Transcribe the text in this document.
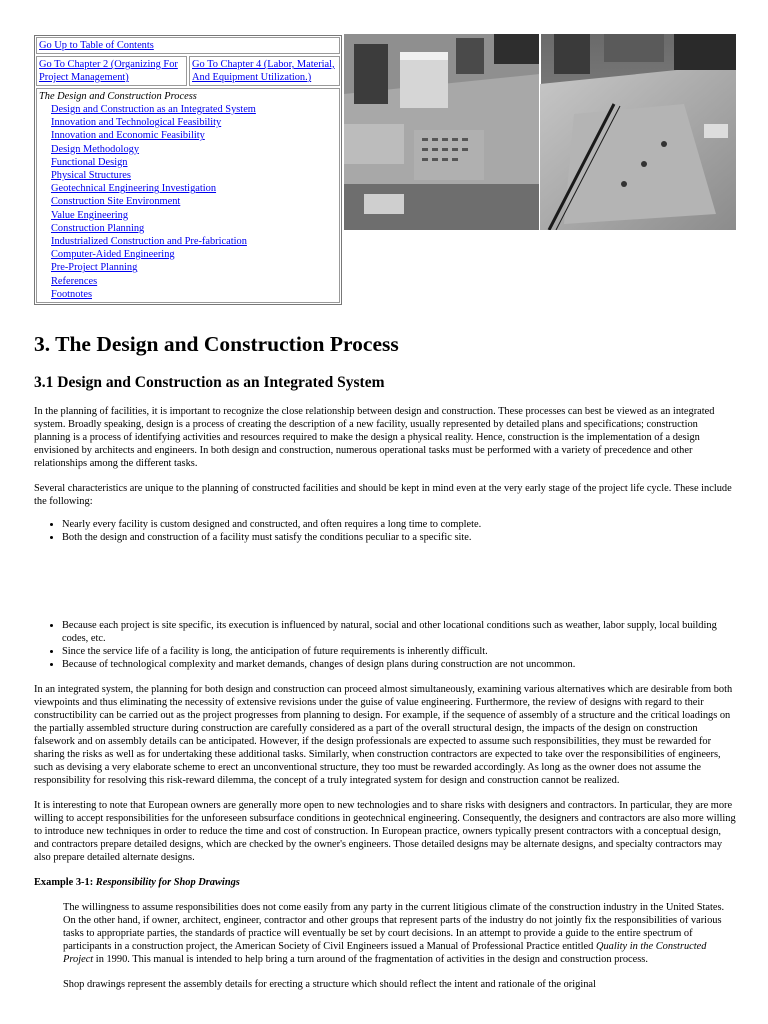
Go Up to Table of Contents
Go To Chapter 2 (Organizing For Project Management)
Go To Chapter 4 (Labor, Material, And Equipment Utilization.)
The Design and Construction Process
Design and Construction as an Integrated System
Innovation and Technological Feasibility
Innovation and Economic Feasibility
Design Methodology
Functional Design
Physical Structures
Geotechnical Engineering Investigation
Construction Site Environment
Value Engineering
Construction Planning
Industrialized Construction and Pre-fabrication
Computer-Aided Engineering
Pre-Project Planning
References
Footnotes
3. The Design and Construction Process
3.1 Design and Construction as an Integrated System

In the planning of facilities, it is important to recognize the close relationship between design and construction. These processes can best be viewed as an integrated system. Broadly speaking, design is a process of creating the description of a new facility, usually represented by detailed plans and specifications; construction planning is a process of identifying activities and resources required to make the design a physical reality. Hence, construction is the implementation of a design envisioned by architects and engineers. In both design and construction, numerous operational tasks must be performed with a variety of precedence and other relationships among the different tasks.

Several characteristics are unique to the planning of constructed facilities and should be kept in mind even at the very early stage of the project life cycle. These include the following:

• Nearly every facility is custom designed and constructed, and often requires a long time to complete.
• Both the design and construction of a facility must satisfy the conditions peculiar to a specific site.
• Because each project is site specific, its execution is influenced by natural, social and other locational conditions such as weather, labor supply, local building codes, etc.
• Since the service life of a facility is long, the anticipation of future requirements is inherently difficult.
• Because of technological complexity and market demands, changes of design plans during construction are not uncommon.

In an integrated system, the planning for both design and construction can proceed almost simultaneously, examining various alternatives which are desirable from both viewpoints and thus eliminating the necessity of extensive revisions under the guise of value engineering. Furthermore, the review of designs with regard to their constructibility can be carried out as the project progresses from planning to design. For example, if the sequence of assembly of a structure and the critical loadings on the partially assembled structure during construction are carefully considered as a part of the overall structural design, the impacts of the design on construction falsework and on assembly details can be anticipated. However, if the design professionals are expected to assume such responsibilities, they must be rewarded for sharing the risks as well as for undertaking these additional tasks. Similarly, when construction contractors are expected to take over the responsibilities of engineers, such as devising a very elaborate scheme to erect an unconventional structure, they too must be rewarded accordingly. As long as the owner does not assume the responsibility for resolving this risk-reward dilemma, the concept of a truly integrated system for design and construction cannot be realized.

It is interesting to note that European owners are generally more open to new technologies and to share risks with designers and contractors. In particular, they are more willing to accept responsibilities for the unforeseen subsurface conditions in geotechnical engineering. Consequently, the designers and contractors are also more willing to introduce new techniques in order to reduce the time and cost of construction. In European practice, owners typically present contractors with a conceptual design, and contractors prepare detailed designs, which are checked by the owner's engineers. Those detailed designs may be alternate designs, and specialty contractors may also prepare detailed alternate designs.

Example 3-1: Responsibility for Shop Drawings

The willingness to assume responsibilities does not come easily from any party in the current litigious climate of the construction industry in the United States. On the other hand, if owner, architect, engineer, contractor and other groups that represent parts of the industry do not jointly fix the responsibilities of various tasks to appropriate parties, the standards of practice will eventually be set by court decisions. In an attempt to provide a guide to the entire spectrum of participants in a construction project, the American Society of Civil Engineers issued a Manual of Professional Practice entitled Quality in the Constructed Project in 1990. This manual is intended to help bring a turn around of the fragmentation of activities in the design and construction process.

Shop drawings represent the assembly details for erecting a structure which should reflect the intent and rationale of the original
